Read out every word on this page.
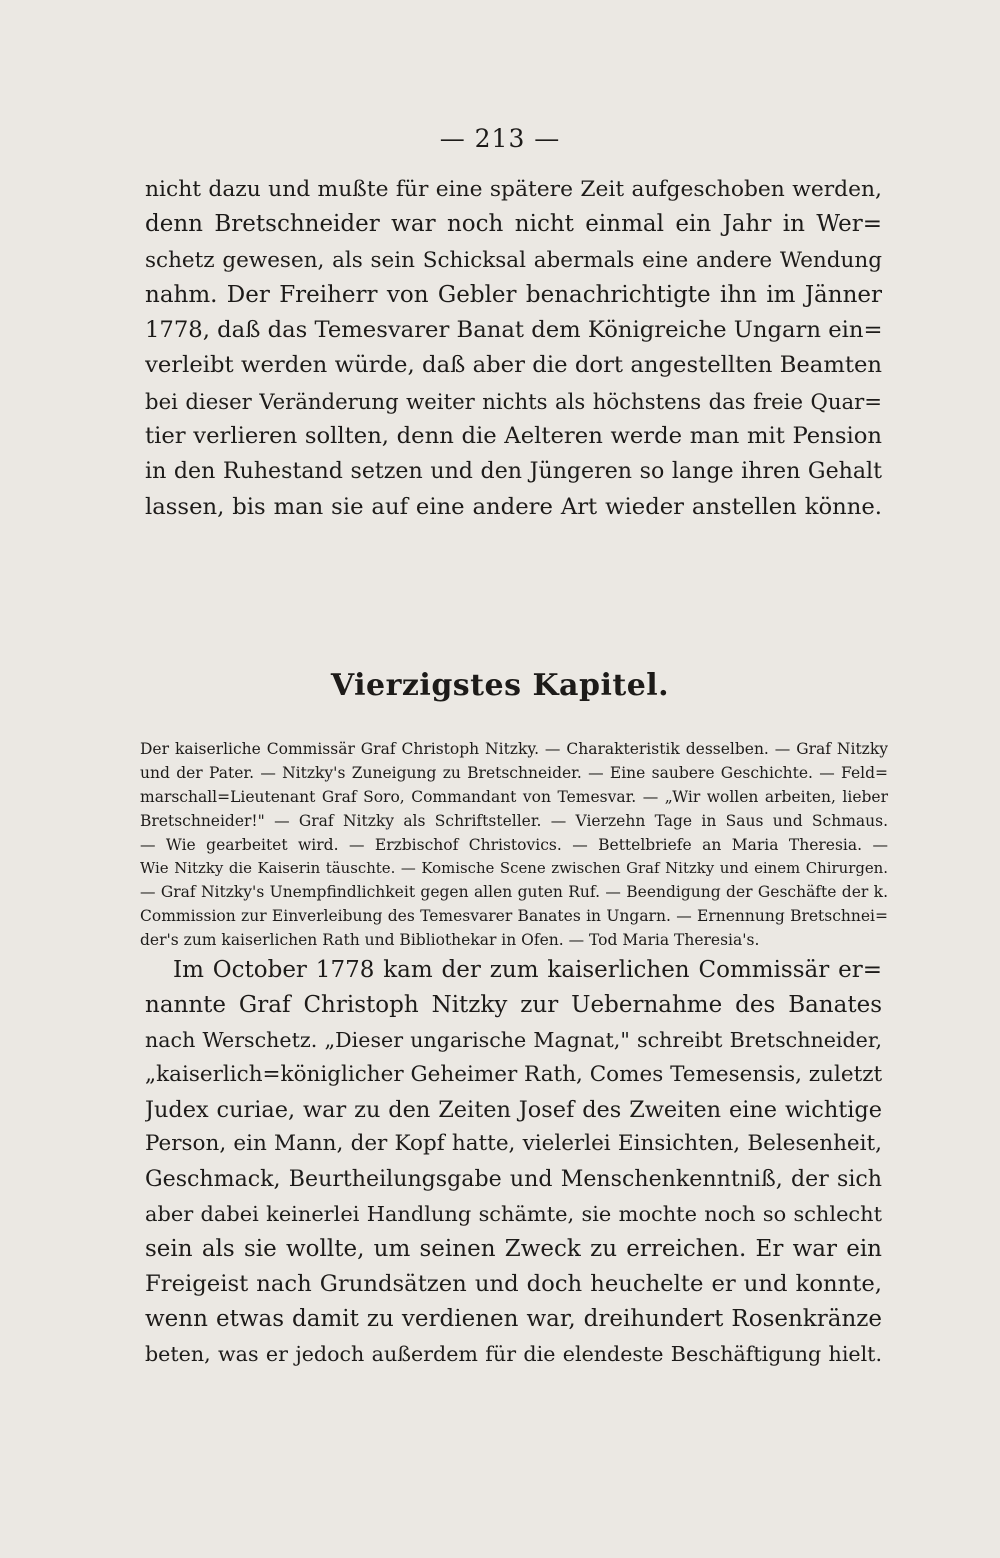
— 213 —
nicht dazu und mußte für eine spätere Zeit aufgeschoben werden,
denn Bretschneider war noch nicht einmal ein Jahr in Wer=
schetz gewesen, als sein Schicksal abermals eine andere Wendung
nahm. Der Freiherr von Gebler benachrichtigte ihn im Jänner
1778, daß das Temesvarer Banat dem Königreiche Ungarn ein=
verleibt werden würde, daß aber die dort angestellten Beamten
bei dieser Veränderung weiter nichts als höchstens das freie Quar=
tier verlieren sollten, denn die Aelteren werde man mit Pension
in den Ruhestand setzen und den Jüngeren so lange ihren Gehalt
lassen, bis man sie auf eine andere Art wieder anstellen könne.
Vierzigstes Kapitel.
Der kaiserliche Commissär Graf Christoph Nitzky. — Charakteristik desselben. — Graf Nitzky
und der Pater. — Nitzky's Zuneigung zu Bretschneider. — Eine saubere Geschichte. — Feld=
marschall=Lieutenant Graf Soro, Commandant von Temesvar. — „Wir wollen arbeiten, lieber
Bretschneider!" — Graf Nitzky als Schriftsteller. — Vierzehn Tage in Saus und Schmaus.
— Wie gearbeitet wird. — Erzbischof Christovics. — Bettelbriefe an Maria Theresia. —
Wie Nitzky die Kaiserin täuschte. — Komische Scene zwischen Graf Nitzky und einem Chirurgen.
— Graf Nitzky's Unempfindlichkeit gegen allen guten Ruf. — Beendigung der Geschäfte der k.
Commission zur Einverleibung des Temesvarer Banates in Ungarn. — Ernennung Bretschnei=
der's zum kaiserlichen Rath und Bibliothekar in Ofen. — Tod Maria Theresia's.
Im October 1778 kam der zum kaiserlichen Commissär er=
nannte Graf Christoph Nitzky zur Uebernahme des Banates
nach Werschetz. „Dieser ungarische Magnat," schreibt Bretschneider,
„kaiserlich=königlicher Geheimer Rath, Comes Temesensis, zuletzt
Judex curiae, war zu den Zeiten Josef des Zweiten eine wichtige
Person, ein Mann, der Kopf hatte, vielerlei Einsichten, Belesenheit,
Geschmack, Beurtheilungsgabe und Menschenkenntniß, der sich
aber dabei keinerlei Handlung schämte, sie mochte noch so schlecht
sein als sie wollte, um seinen Zweck zu erreichen. Er war ein
Freigeist nach Grundsätzen und doch heuchelte er und konnte,
wenn etwas damit zu verdienen war, dreihundert Rosenkränze
beten, was er jedoch außerdem für die elendeste Beschäftigung hielt.
